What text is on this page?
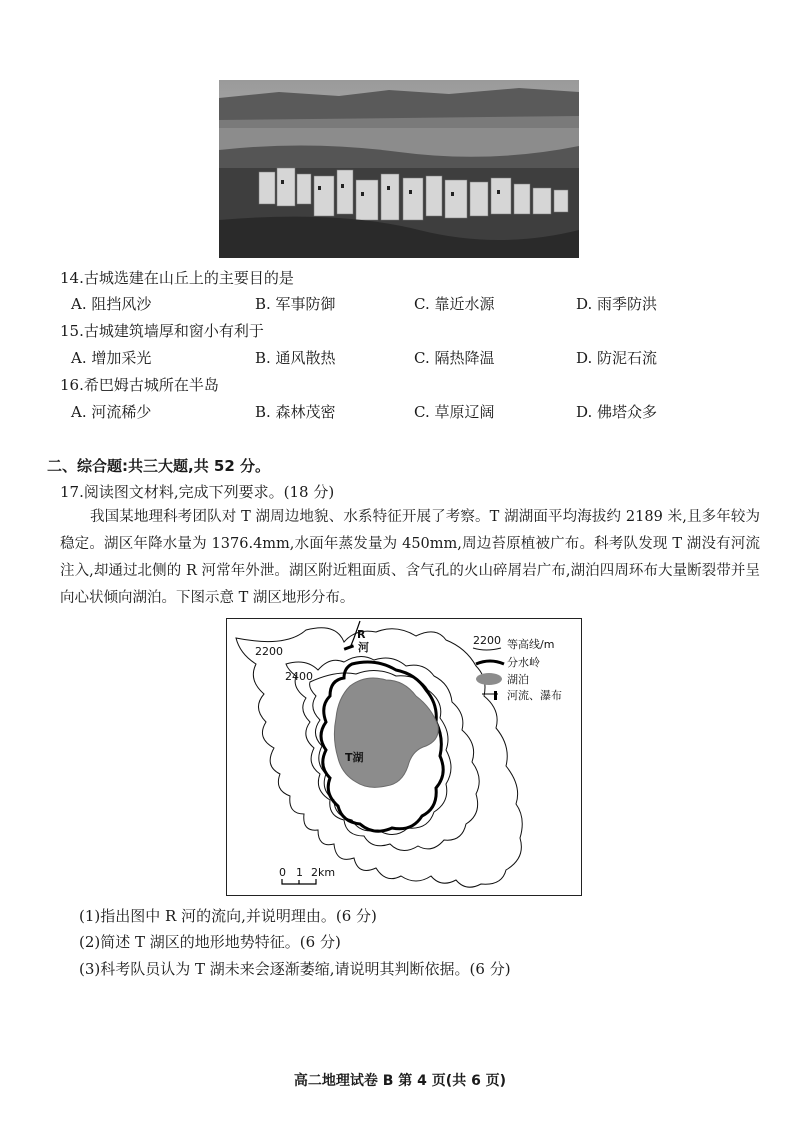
14.古城选建在山丘上的主要目的是
A. 阻挡风沙	B. 军事防御	C. 靠近水源	D. 雨季防洪
15.古城建筑墙厚和窗小有利于
A. 增加采光	B. 通风散热	C. 隔热降温	D. 防泥石流
16.希巴姆古城所在半岛
A. 河流稀少	B. 森林茂密	C. 草原辽阔	D. 佛塔众多
二、综合题:共三大题,共 52 分。
17.阅读图文材料,完成下列要求。(18 分)
我国某地理科考团队对 T 湖周边地貌、水系特征开展了考察。T 湖湖面平均海拔约 2189 米,且多年较为稳定。湖区年降水量为 1376.4mm,水面年蒸发量为 450mm,周边苔原植被广布。科考队发现 T 湖没有河流注入,却通过北侧的 R 河常年外泄。湖区附近粗面质、含气孔的火山碎屑岩广布,湖泊四周环布大量断裂带并呈向心状倾向湖泊。下图示意 T 湖区地形分布。
T湖
R
河
2200
2400
2200 等高线/m
分水岭
湖泊
河流、瀑布
0 1 2km
(1)指出图中 R 河的流向,并说明理由。(6 分)
(2)简述 T 湖区的地形地势特征。(6 分)
(3)科考队员认为 T 湖未来会逐渐萎缩,请说明其判断依据。(6 分)
高二地理试卷 B 第 4 页(共 6 页)
